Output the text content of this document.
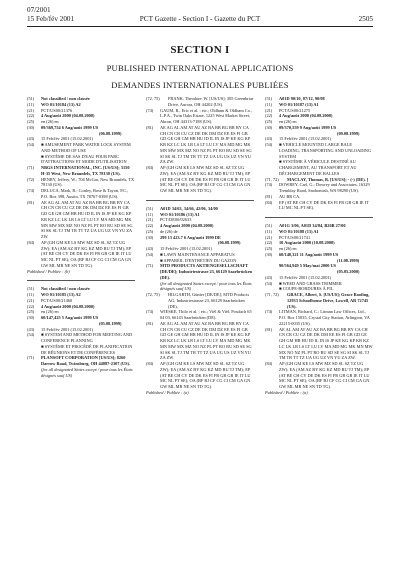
07/2001
15 Feb/fév 2001	PCT Gazette - Section I - Gazette du PCT	2505
SECTION I
PUBLISHED INTERNATIONAL APPLICATIONS
DEMANDES INTERNATIONALES PUBLIÉES
(51)	Not classified / non classée
(11)	WO 01/10184 (13) A2
(21)	PCT/US00/21376
(22)	4 Aug/août 2000 (04.08.2000)
(25)	en (26) en
(30)	09/369,754 6 Aug/août 1999 US
(06.08.1999)
(43)	15 Feb/fév 2001 (15.02.2001)
(54)	■ AMUSEMENT PARK WATER LOCK SYSTEM AND METHOD OF USE
■ SYSTÈME DE SAS D'EAU POUR PARC D'ATTRACTIONS ET MODE D'UTILISATION
(71)	NBGS INTERNATIONAL, INC. [US/US]; 3150 H-35 West, New Braunfels, TX 78130 (US).
(72)	HENRY, Jeffery, W.; 704 McGar, New Braunfels, TX 78130 (US).
(74)	DELUCA, Mark, R.; Conley, Rose & Tayon, P.C., P.O. Box 398, Austin, TX 78767-0398 (US).
(81)	AE AG AL AM AT AU AZ BA BB BG BR BY CA CH CN CR CU CZ DE DK DM DZ EE ES FI GB GD GE GH GM HR HU ID IL IN IS JP KE KG KP KR KZ LC LK LR LS LT LU LV MA MD MG MK MN MW MX MZ NO NZ PL PT RO RU SD SE SG SI SK SL TJ TM TR TT TZ UA UG UZ VN YU ZA ZW.
(84)	AP (GH GM KE LS MW MZ SD SL SZ TZ UG ZW); EA (AM AZ BY KG KZ MD RU TJ TM); EP (AT BE CH CY DE DK ES FI FR GB GR IE IT LU MC NL PT SE); OA (BF BJ CF CG CI CM GA GN GW ML MR NE SN TD TG).
Published / Publiée : (b)
(51)	Not classified / non classée
(11)	WO 01/10185 (13) A2
(21)	PCT/US00/21460
(22)	4 Aug/août 2000 (04.08.2000)
(25)	en (26) en
(30)	60/147,425 5 Aug/août 1999 US
(05.08.1999)
(43)	15 Feb/fév 2001 (15.02.2001)
(54)	■ SYSTEM AND METHOD FOR MEETING AND CONFERENCE PLANNING
■ SYSTÈME ET PROCÉDÉ DE PLANIFICATION DE RÉUNIONS ET DE CONFÉRENCES
(71)	PLANSOFT CORPORATION [US/US]; 8260 Darrow Road, Twinsburg, OH 44087-2307 (US).
(for all designated States except / pour tous les États désignés sauf US)
(72, 75)	FRANK, Theodore, W. [US/US]; 305 Greenbriar Drive, Aurora, OH 44202 (US).
(74)	GAUM, R., Eric et al. ; etc.; Oldham & Oldham Co., L.P.A., Twin Oaks Estate, 1225 West Market Street, Akron, OH 44313-7188 (US).
(81)	AE AG AL AM AT AU AZ BA BB BG BR BY CA CH CN CR CU CZ DE DK DM DZ EE ES FI GB GD GE GH GM HR HU ID IL IN IS JP KE KG KP KR KZ LC LK LR LS LT LU LV MA MD MG MK MN MW MX MZ NO NZ PL PT RO RU SD SE SG SI SK SL TJ TM TR TT TZ UA UG US UZ VN YU ZA ZW.
(84)	AP (GH GM KE LS MW MZ SD SL SZ TZ UG ZW); EA (AM AZ BY KG KZ MD RU TJ TM); EP (AT BE CH CY DE DK ES FI FR GB GR IE IT LU MC NL PT SE); OA (BF BJ CF CG CI CM GA GN GW ML MR NE SN TD TG).
(51)	A01D 34/63, 34/66, 42/06, 34/00
(11)	WO 01/10186 (13) A1
(21)	PCT/DE00/02633
(22)	4 Aug/août 2000 (04.08.2000)
(25)	de (26) de
(30)	299 13 423.7 6 Aug/août 1999 DE
(06.08.1999)
(43)	15 Feb/fév 2001 (15.02.2001)
(54)	■ LAWN MAINTENANCE APPARATUS
■ APPAREIL D'ENTRETIEN DU GAZON
(71)	MTD PRODUCTS AKTIENGESELLSCHAFT [DE/DE]; Industriestrasse 23, 66129 Saarbrücken (DE).
(for all designated States except / pour tous les États désignés sauf US)
(72, 75)	HILGARTH, Günter [DE/DE]; MTD Products AG, Industriestrasse 23, 66129 Saarbrücken (DE).
(74)	WIESKE, Thilo et al. ; etc.; Vièl & Vièl, Postfach 65 04 03, 66143 Saarbrücken (DE).
(81)	AE AG AL AM AT AU AZ BA BB BG BR BY CA CH CN CR CU CZ DE DK DM DZ EE ES FI GB GD GE GH GM HR HU ID IL IN IS JP KE KG KP KR KZ LC LK LR LS LT LU LV MA MD MG MK MN MW MX MZ NO NZ PL PT RO RU SD SE SG SI SK SL TJ TM TR TT TZ UA UG US UZ VN YU ZA ZW.
(84)	AP (GH GM KE LS MW MZ SD SL SZ TZ UG ZW); EA (AM AZ BY KG KZ MD RU TJ TM); EP (AT BE CH CY DE DK ES FI FR GB GR IE IT LU MC NL PT SE); OA (BF BJ CF CG CI CM GA GN GW ML MR NE SN TD TG).
Published / Publiée : (a)
(51)	A01D 90/10, 87/12, 90/08
(11)	WO 01/10187 (13) A1
(21)	PCT/US00/21275
(22)	4 Aug/août 2000 (04.08.2000)
(25)	en (26) en
(30)	09/370,559 9 Aug/août 1999 US
(09.08.1999)
(43)	15 Feb/fév 2001 (15.02.2001)
(54)	■ VEHICLE MOUNTED LARGE BALE LOADING, TRANSPORTING AND UNLOADING SYSTEM
■ SYSTÈME À VÉHICULE DESTINÉ AU CHARGEMENT, AU TRANSPORT ET AU DÉCHARGEMENT DE BALLES
(71, 72)	MACLAY, Thomas, B. [US/US]; - (-) (DE). ]
(74)	DOWREY, Carl, G.; Dowrey and Associates, 16329 Tremblay Road, Snohomish, WA 98290 (US).
(81)	AU BR CA.
(84)	EP (AT BE CH CY DE DK ES FI FR GB GR IE IT LU MC NL PT SE).
(51)	A01G 3/06, A01D 34/84, B26B 27/00
(11)	WO 01/10188 (13) A1
(21)	PCT/US00/21741
(22)	10 Aug/août 2000 (10.08.2000)
(25)	en (26) en
(30)	60/148,321 11 Aug/août 1999 US
(11.08.1999)
90/564,949 5 May/mai 2000 US
(05.05.2000)
(43)	15 Feb/fév 2001 (15.02.2001)
(54)	■ WEED AND GRASS TRIMMER
■ COUPE-BORDURES À FIL
(71, 72)	GRACE, Albert, S. [US/US]; Grace Roofing, 12933 Schoolhouse Drive, Lowell, AR 72745 (US).
(74)	LITMAN, Richard, C.; Litman Law Offices, Ltd., P.O. Box 15035, Crystal City Station, Arlington, VA 22215-0035 (US).
(81)	AE AL AM AT AU AZ BA BB BG BR BY CA CH CN CR CU CZ DE DK DM EE ES FI GB GD GE GH GM HR HU ID IL IN IS JP KE KG KP KR KZ LC LK LR LS LT LU LV MA MD MG MK MN MW MX NO NZ PL PT RO RU SD SE SG SI SK SL TJ TM TR TT TZ UA UG UZ VN YU ZA ZW.
(84)	AP (GH GM KE LS MW MZ SD SL SZ TZ UG ZW); EA (AM AZ BY KG KZ MD RU TJ TM); EP (AT BE CH CY DE DK ES FI FR GB GR IE IT LU MC NL PT SE); OA (BF BJ CF CG CI CM GA GN GW ML MR NE SN TD TG).
Published / Publiée : (a)
